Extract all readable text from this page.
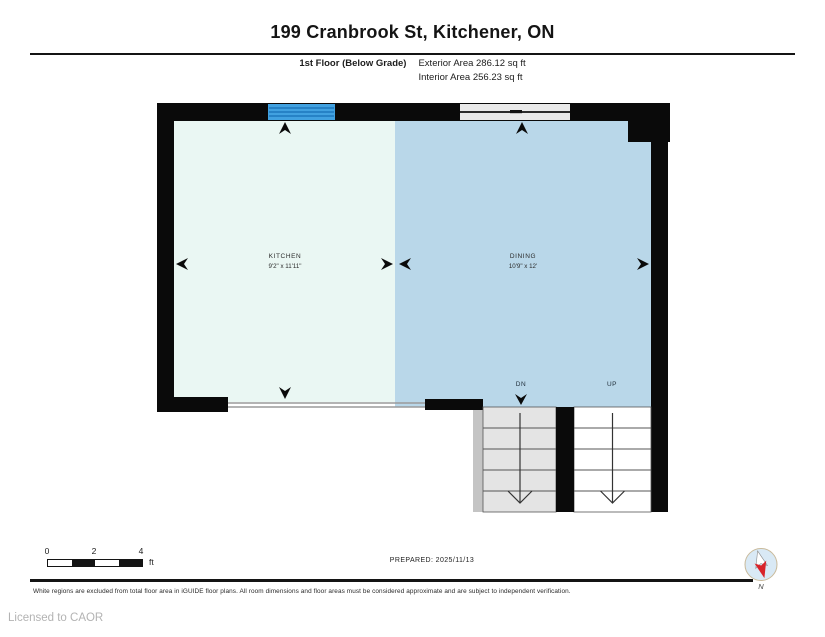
199 Cranbrook St, Kitchener, ON
1st Floor (Below Grade) Exterior Area 286.12 sq ft
Interior Area 256.23 sq ft
KITCHEN
9'2" x 11'11"
DINING
10'9" x 12'
DN	UP
0	2	4
ft	PREPARED: 2025/11/13
N
White regions are excluded from total floor area in iGUIDE floor plans. All room dimensions and floor areas must be considered approximate and are subject to independent verification.
Licensed to CAOR
